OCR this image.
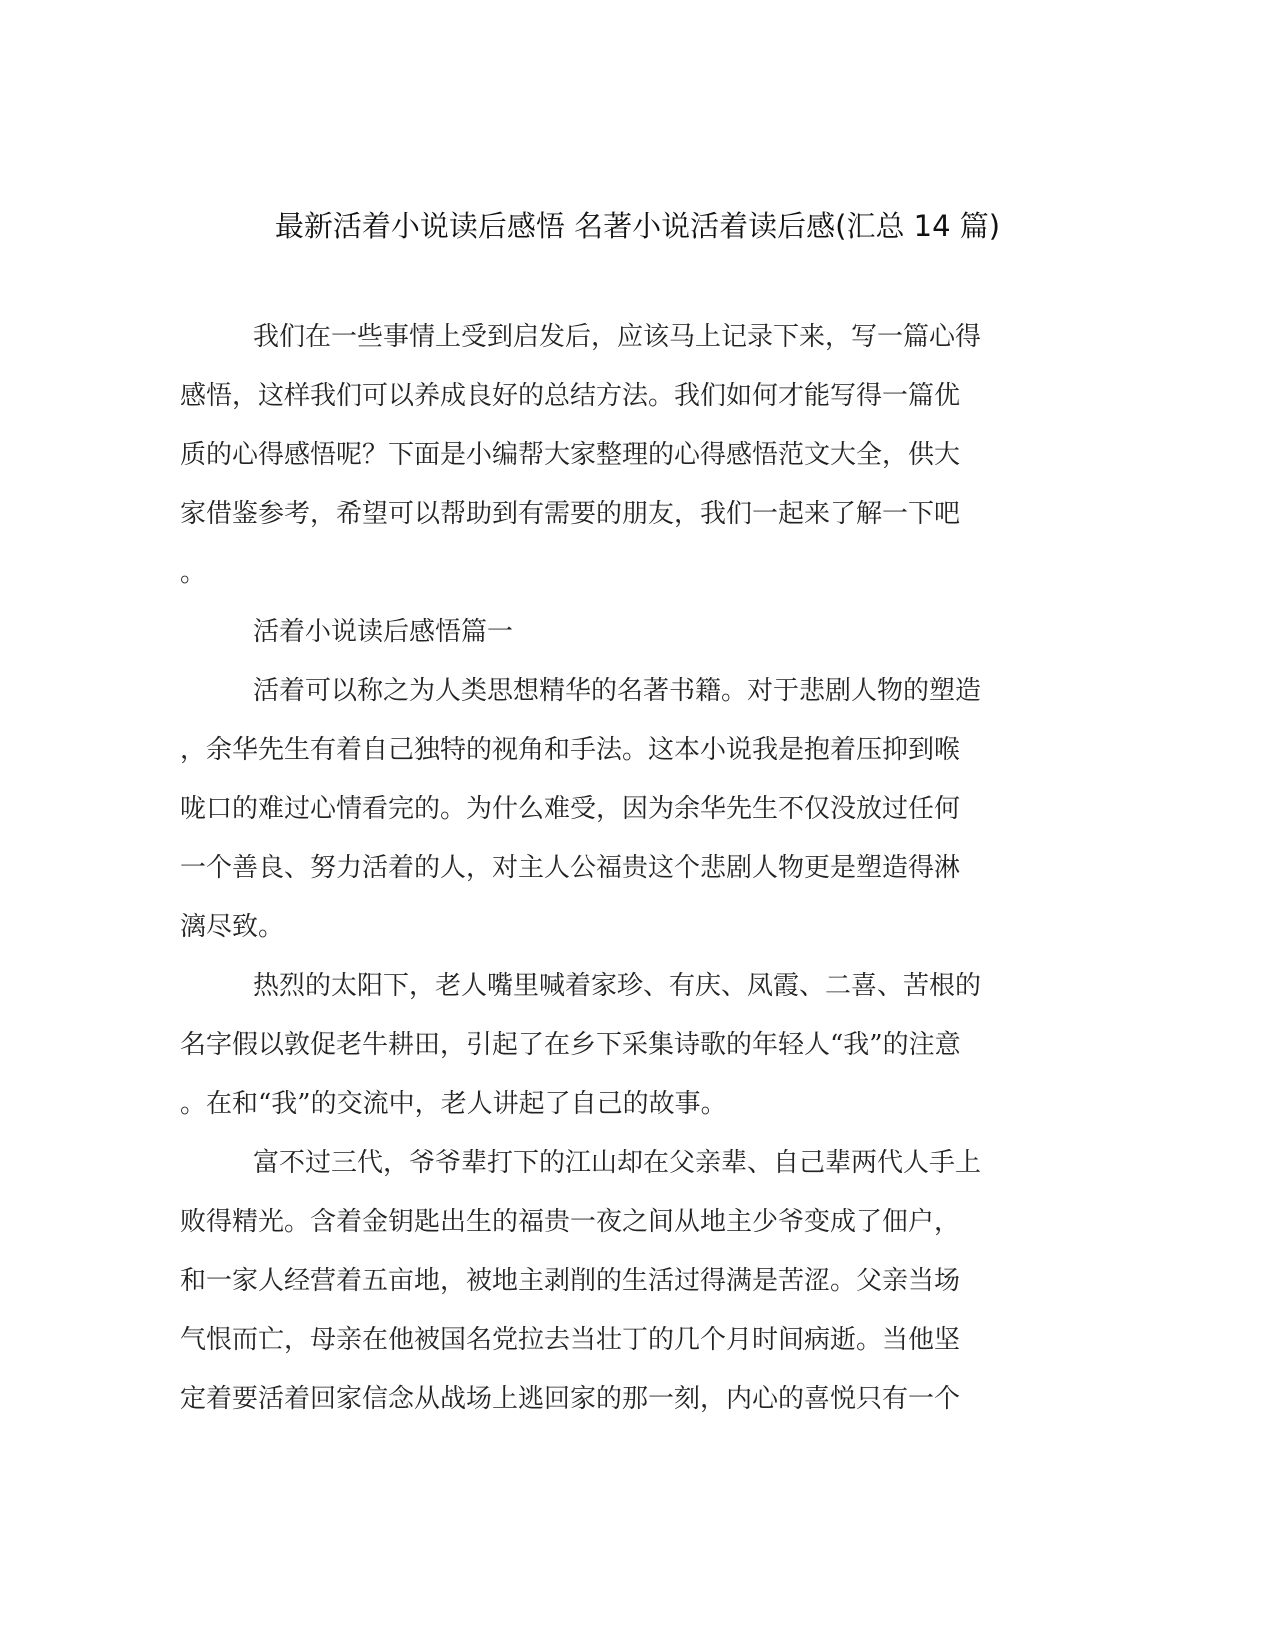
最新活着小说读后感悟 名著小说活着读后感(汇总 14 篇)
我们在一些事情上受到启发后，应该马上记录下来，写一篇心得
感悟，这样我们可以养成良好的总结方法。我们如何才能写得一篇优
质的心得感悟呢？下面是小编帮大家整理的心得感悟范文大全，供大
家借鉴参考，希望可以帮助到有需要的朋友，我们一起来了解一下吧
。
活着小说读后感悟篇一
活着可以称之为人类思想精华的名著书籍。对于悲剧人物的塑造
，余华先生有着自己独特的视角和手法。这本小说我是抱着压抑到喉
咙口的难过心情看完的。为什么难受，因为余华先生不仅没放过任何
一个善良、努力活着的人，对主人公福贵这个悲剧人物更是塑造得淋
漓尽致。
热烈的太阳下，老人嘴里喊着家珍、有庆、凤霞、二喜、苦根的
名字假以敦促老牛耕田，引起了在乡下采集诗歌的年轻人“我”的注意
。在和“我”的交流中，老人讲起了自己的故事。
富不过三代，爷爷辈打下的江山却在父亲辈、自己辈两代人手上
败得精光。含着金钥匙出生的福贵一夜之间从地主少爷变成了佃户，
和一家人经营着五亩地，被地主剥削的生活过得满是苦涩。父亲当场
气恨而亡，母亲在他被国名党拉去当壮丁的几个月时间病逝。当他坚
定着要活着回家信念从战场上逃回家的那一刻，内心的喜悦只有一个
